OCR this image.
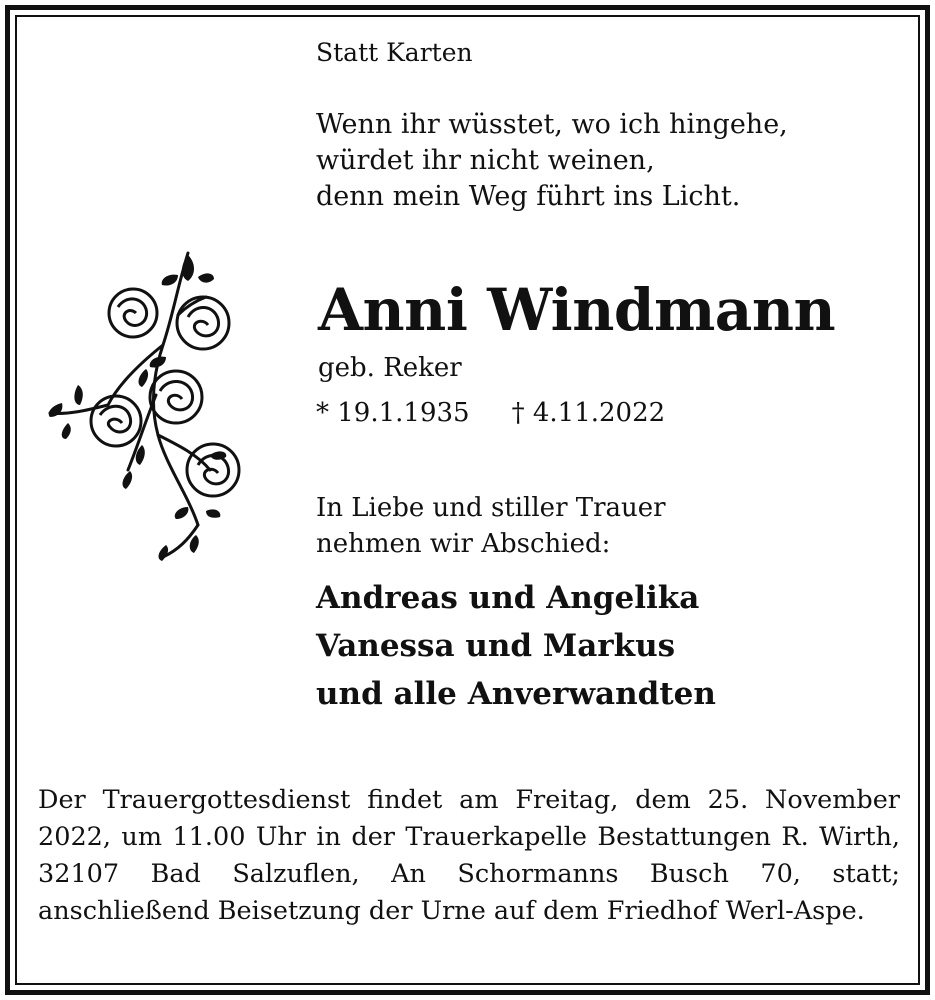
Statt Karten

Wenn ihr wüsstet, wo ich hingehe,
würdet ihr nicht weinen,
denn mein Weg führt ins Licht.

Anni Windmann

geb. Reker

* 19.1.1935 † 4.11.2022

In Liebe und stiller Trauer
nehmen wir Abschied:
Andreas und Angelika
Vanessa und Markus
und alle Anverwandten

Der Trauergottesdienst findet am Freitag, dem 25. November 2022, um 11.00 Uhr in der Trauerkapelle Bestattungen R. Wirth, 32107 Bad Salzuflen, An Schormanns Busch 70, statt; anschließend Beisetzung der Urne auf dem Friedhof Werl-Aspe.
